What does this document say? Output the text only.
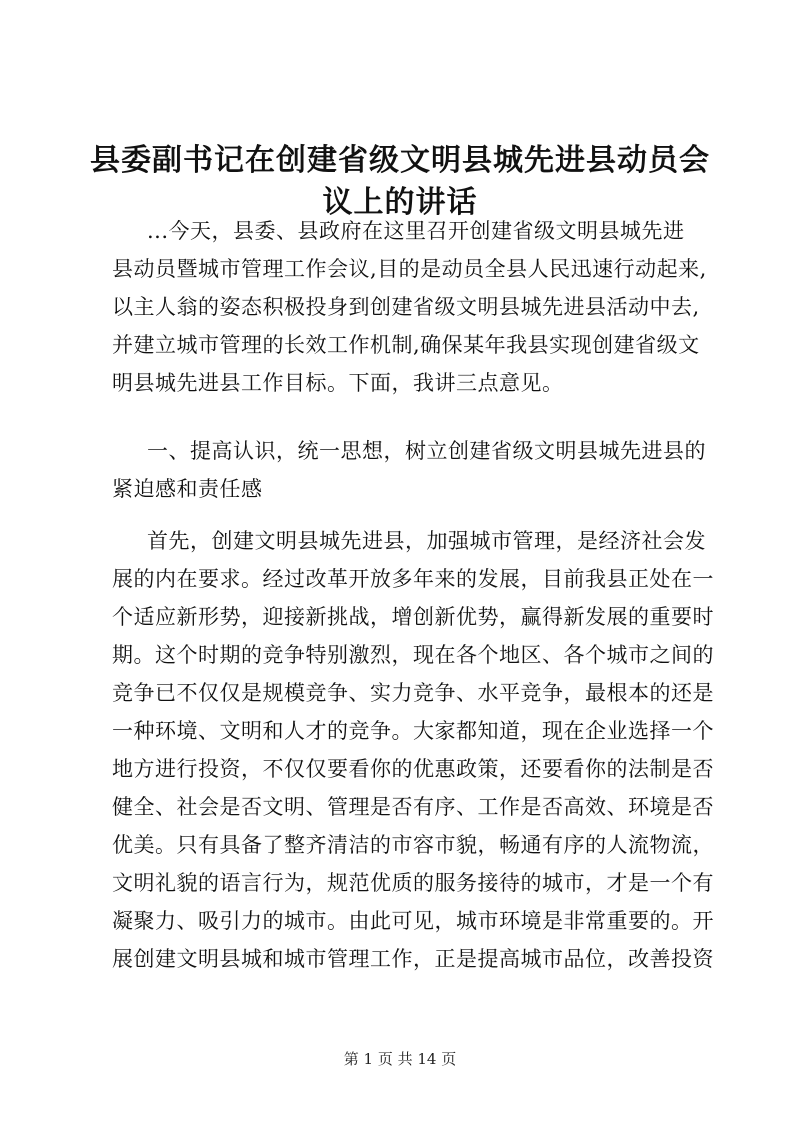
县委副书记在创建省级文明县城先进县动员会
议上的讲话
...今天，县委、县政府在这里召开创建省级文明县城先进
县动员暨城市管理工作会议,目的是动员全县人民迅速行动起来,
以主人翁的姿态积极投身到创建省级文明县城先进县活动中去,
并建立城市管理的长效工作机制,确保某年我县实现创建省级文
明县城先进县工作目标。下面，我讲三点意见。
一、提高认识，统一思想，树立创建省级文明县城先进县的
紧迫感和责任感
首先，创建文明县城先进县，加强城市管理，是经济社会发
展的内在要求。经过改革开放多年来的发展，目前我县正处在一
个适应新形势，迎接新挑战，增创新优势，赢得新发展的重要时
期。这个时期的竞争特别激烈，现在各个地区、各个城市之间的
竞争已不仅仅是规模竞争、实力竞争、水平竞争，最根本的还是
一种环境、文明和人才的竞争。大家都知道，现在企业选择一个
地方进行投资，不仅仅要看你的优惠政策，还要看你的法制是否
健全、社会是否文明、管理是否有序、工作是否高效、环境是否
优美。只有具备了整齐清洁的市容市貌，畅通有序的人流物流，
文明礼貌的语言行为，规范优质的服务接待的城市，才是一个有
凝聚力、吸引力的城市。由此可见，城市环境是非常重要的。开
展创建文明县城和城市管理工作，正是提高城市品位，改善投资
第 1 页 共 14 页
